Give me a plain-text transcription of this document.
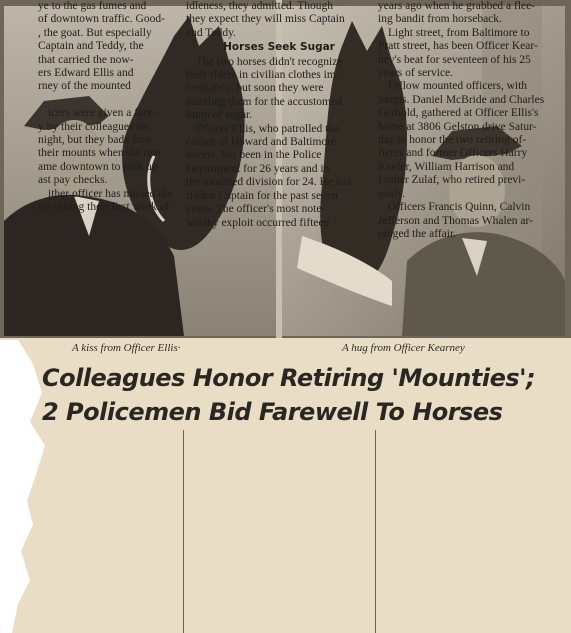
A kiss from Officer Ellis·	A hug from Officer Kearney
Colleagues Honor Retiring 'Mounties';
2 Policemen Bid Farewell To Horses

ye to the gas fumes and

of downtown traffic. Good-

, the goat. But especially

Captain and Teddy, the

that carried the now-

ers Edward Ellis and

rney of the mounted

icers were given a fare-

y by their colleagues on

night, but they bade fare-

their mounts when the two

ame downtown to pick up

ast pay checks.

ither officer has missed the

ice during their first week of

idleness, they admitted. Though

they expect they will miss Captain

and Teddy.

Horses Seek Sugar

The two horses didn't recognize

their riders in civilian clothes im-

mediately, but soon they were

nuzzling them for the accustomed

lump of sugar.

Officer Ellis, who patrolled the

corner of Howard and Baltimore

streets, has been in the Police

Department for 26 years and in

the mounted division for 24. He has

ridden Captain for the past seven

years. The officer's most note-

worthy exploit occurred fifteen

years ago when he grabbed a flee-

ing bandit from horseback.

Light street, from Baltimore to

Pratt street, has been Officer Kear-

ney's beat for seventeen of his 25

years of service.

Fellow mounted officers, with

Sergts. Daniel McBride and Charles

Gerhold, gathered at Officer Ellis's

home at 3806 Gelston drive Satur-

day to honor the two retiring of-

ficers and former Officers Harry

Keefer, William Harrison and

Luther Zulaf, who retired previ-

ously.

Officers Francis Quinn, Calvin

Jefferson and Thomas Whalen ar-

ranged the affair.
